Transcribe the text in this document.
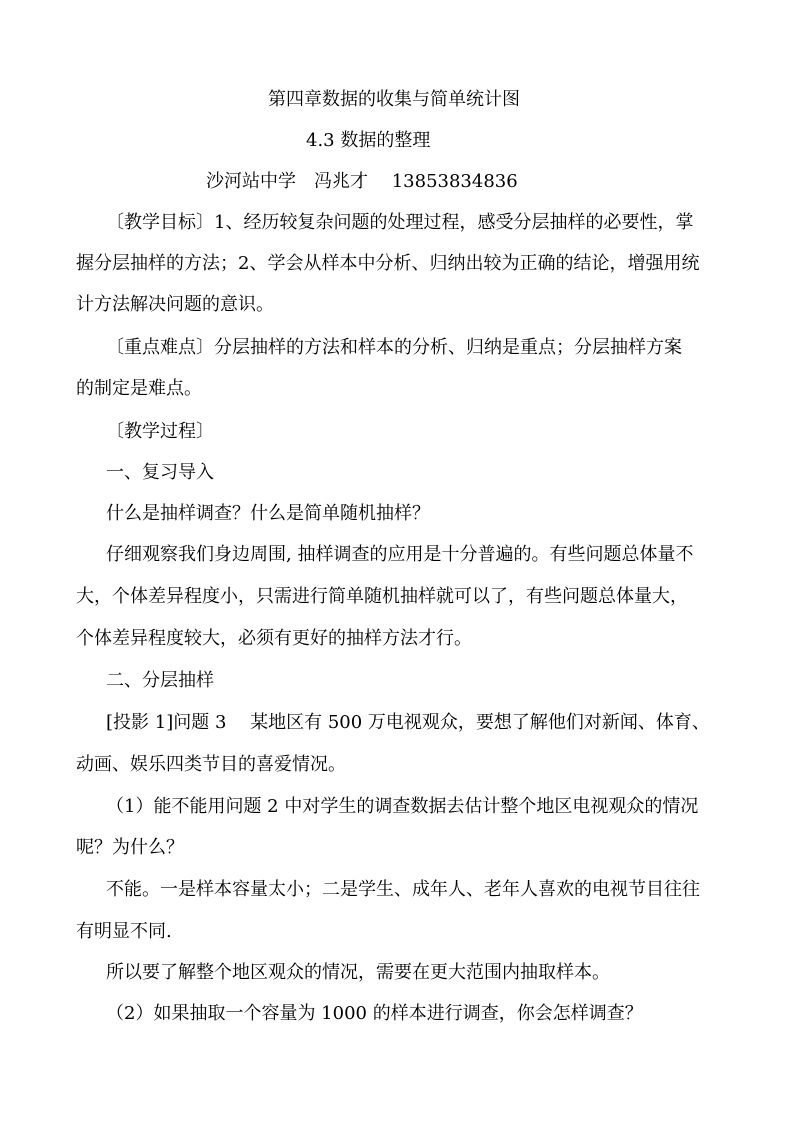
第四章数据的收集与简单统计图
4.3 数据的整理
沙河站中学　冯兆才　 13853834836
〔教学目标〕1、经历较复杂问题的处理过程，感受分层抽样的必要性，掌
握分层抽样的方法；2、学会从样本中分析、归纳出较为正确的结论，增强用统
计方法解决问题的意识。
〔重点难点〕分层抽样的方法和样本的分析、归纳是重点；分层抽样方案
的制定是难点。
〔教学过程〕
一、复习导入
什么是抽样调查？什么是简单随机抽样？
仔细观察我们身边周围, 抽样调查的应用是十分普遍的。有些问题总体量不
大，个体差异程度小，只需进行简单随机抽样就可以了，有些问题总体量大，
个体差异程度较大，必须有更好的抽样方法才行。
二、分层抽样
[投影 1]问题 3　 某地区有 500 万电视观众，要想了解他们对新闻、体育、
动画、娱乐四类节目的喜爱情况。
（1）能不能用问题 2 中对学生的调查数据去估计整个地区电视观众的情况
呢？为什么？
不能。一是样本容量太小；二是学生、成年人、老年人喜欢的电视节目往往
有明显不同.
所以要了解整个地区观众的情况，需要在更大范围内抽取样本。
（2）如果抽取一个容量为 1000 的样本进行调查，你会怎样调查？
